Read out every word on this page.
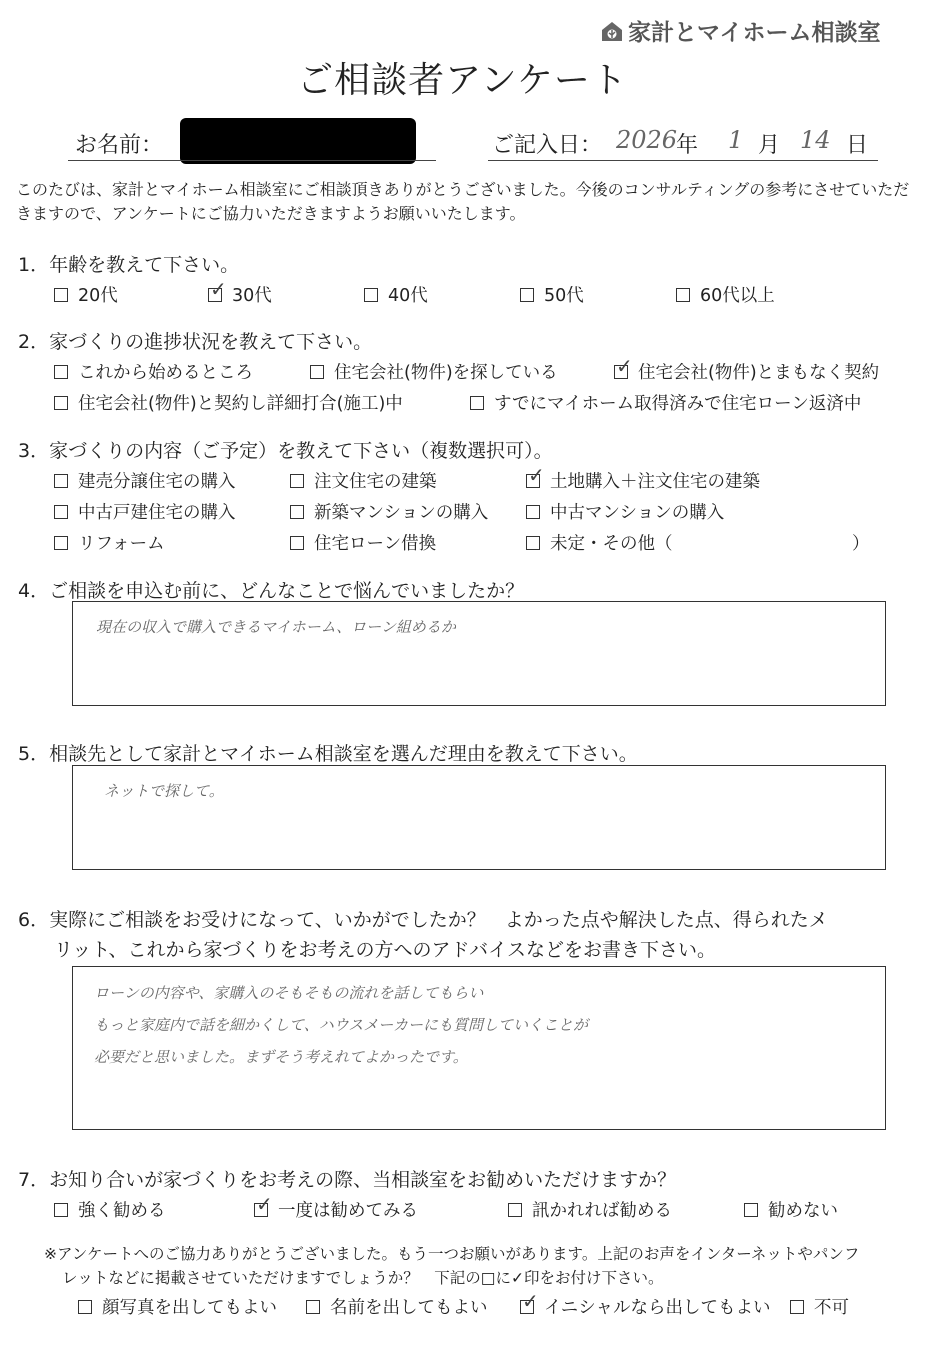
家計とマイホーム相談室
ご相談者アンケート
お名前：	ご記入日： 2026
年 1 月 14 日
このたびは、家計とマイホーム相談室にご相談頂きありがとうございました。今後のコンサルティングの参考にさせていただきますので、アンケートにご協力いただきますようお願いいたします。
1．年齢を教えて下さい。
20代	✓ 30代	40代	50代	60代以上
2．家づくりの進捗状況を教えて下さい。
これから始めるところ	住宅会社(物件)を探している	✓ 住宅会社(物件)とまもなく契約
住宅会社(物件)と契約し詳細打合(施工)中	すでにマイホーム取得済みで住宅ローン返済中
3．家づくりの内容（ご予定）を教えて下さい（複数選択可）。
建売分譲住宅の購入	注文住宅の建築	✓ 土地購入＋注文住宅の建築
中古戸建住宅の購入	新築マンションの購入	中古マンションの購入
リフォーム	住宅ローン借換	未定・その他（	）
4．ご相談を申込む前に、どんなことで悩んでいましたか？
現在の収入で購入できるマイホーム、ローン組めるか
5．相談先として家計とマイホーム相談室を選んだ理由を教えて下さい。
ネットで探して。
6．実際にご相談をお受けになって、いかがでしたか？　よかった点や解決した点、得られたメ
リット、これから家づくりをお考えの方へのアドバイスなどをお書き下さい。
ローンの内容や、家購入のそもそもの流れを話してもらい
もっと家庭内で話を細かくして、ハウスメーカーにも質問していくことが
必要だと思いました。まずそう考えれてよかったです。
7．お知り合いが家づくりをお考えの際、当相談室をお勧めいただけますか？
強く勧める	✓ 一度は勧めてみる	訊かれれば勧める	勧めない
※アンケートへのご協力ありがとうございました。もう一つお願いがあります。上記のお声をインターネットやパンフ
レットなどに掲載させていただけますでしょうか？　下記の□に✓印をお付け下さい。
顔写真を出してもよい	名前を出してもよい ✓ イニシャルなら出してもよい	不可
